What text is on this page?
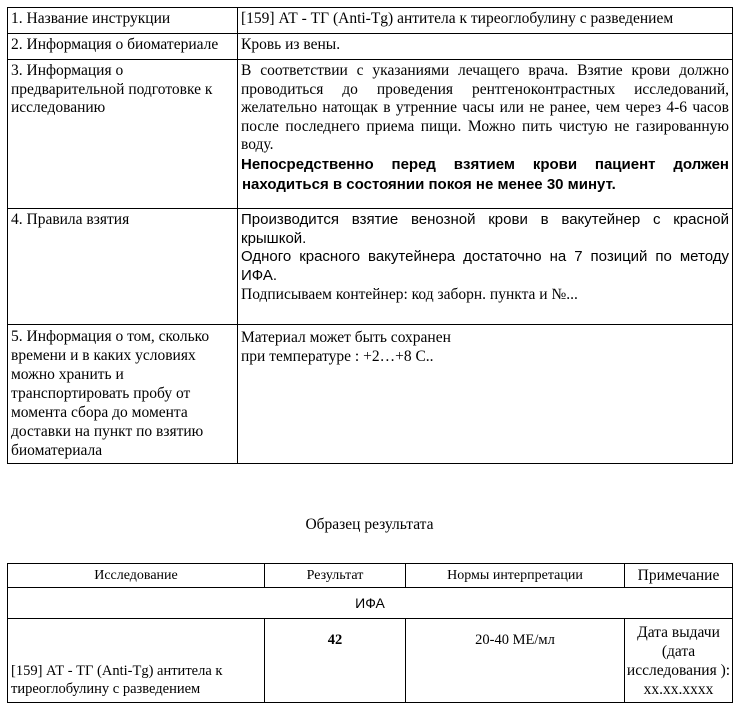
1. Название инструкции	[159] АТ - ТГ (Anti-Tg) антитела к тиреоглобулину с разведением
2. Информация о биоматериале	Кровь из вены.
3. Информация о предварительной подготовке к исследованию	В соответствии с указаниями лечащего врача. Взятие крови должно проводиться до проведения рентгеноконтрастных исследований, желательно натощак в утренние часы или не ранее, чем через 4-6 часов после последнего приема пищи. Можно пить чистую не газированную воду.
Непосредственно перед взятием крови пациент должен
находиться в состоянии покоя не менее 30 минут.

4. Правила взятия	Производится взятие венозной крови в вакутейнер с красной крышкой.
Одного красного вакутейнера достаточно на 7 позиций по методу ИФА.
Подписываем контейнер: код заборн. пункта и №...

5. Информация о том, сколько времени и в каких условиях можно хранить и транспортировать пробу от момента сбора до момента доставки на пункт по взятию биоматериала	Материал может быть сохранен
при температуре : +2…+8 С..
Образец результата
Исследование	Результат	Нормы интерпретации	Примечание
ИФА			
[159] АТ - ТГ (Anti-Tg) антитела к тиреоглобулину с разведением	42	20-40 МЕ/мл	Дата выдачи (дата исследования ): xx.xx.xxxx
